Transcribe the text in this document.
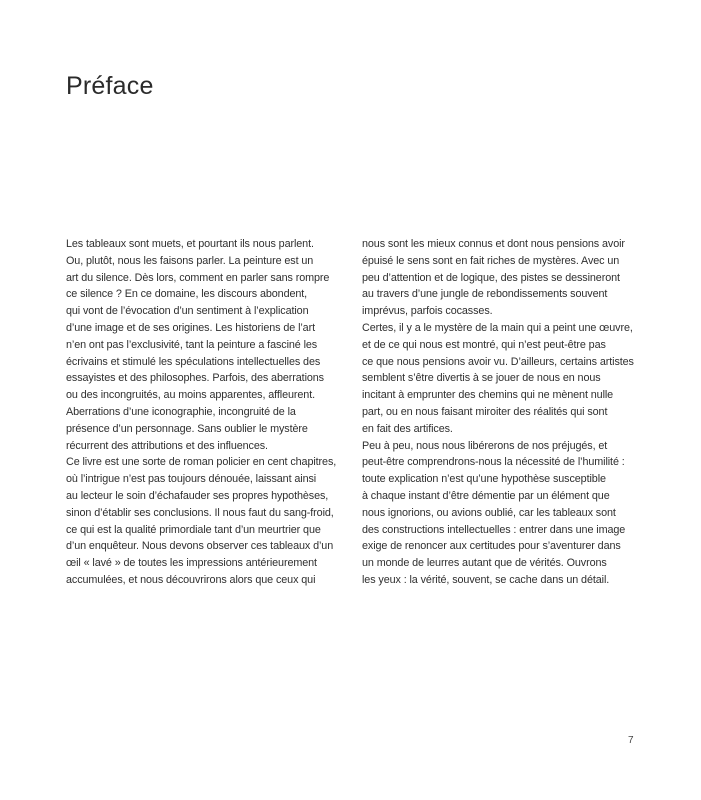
Préface
Les tableaux sont muets, et pourtant ils nous parlent.
Ou, plutôt, nous les faisons parler. La peinture est un
art du silence. Dès lors, comment en parler sans rompre
ce silence ? En ce domaine, les discours abondent,
qui vont de l’évocation d’un sentiment à l’explication
d’une image et de ses origines. Les historiens de l’art
n’en ont pas l’exclusivité, tant la peinture a fasciné les
écrivains et stimulé les spéculations intellectuelles des
essayistes et des philosophes. Parfois, des aberrations
ou des incongruités, au moins apparentes, affleurent.
Aberrations d’une iconographie, incongruité de la
présence d’un personnage. Sans oublier le mystère
récurrent des attributions et des influences.
Ce livre est une sorte de roman policier en cent chapitres,
où l’intrigue n’est pas toujours dénouée, laissant ainsi
au lecteur le soin d’échafauder ses propres hypothèses,
sinon d’établir ses conclusions. Il nous faut du sang-froid,
ce qui est la qualité primordiale tant d’un meurtrier que
d’un enquêteur. Nous devons observer ces tableaux d’un
œil « lavé » de toutes les impressions antérieurement
accumulées, et nous découvrirons alors que ceux qui
nous sont les mieux connus et dont nous pensions avoir
épuisé le sens sont en fait riches de mystères. Avec un
peu d’attention et de logique, des pistes se dessineront
au travers d’une jungle de rebondissements souvent
imprévus, parfois cocasses.
Certes, il y a le mystère de la main qui a peint une œuvre,
et de ce qui nous est montré, qui n’est peut-être pas
ce que nous pensions avoir vu. D’ailleurs, certains artistes
semblent s’être divertis à se jouer de nous en nous
incitant à emprunter des chemins qui ne mènent nulle
part, ou en nous faisant miroiter des réalités qui sont
en fait des artifices.
Peu à peu, nous nous libérerons de nos préjugés, et
peut-être comprendrons-nous la nécessité de l’humilité :
toute explication n’est qu’une hypothèse susceptible
à chaque instant d’être démentie par un élément que
nous ignorions, ou avions oublié, car les tableaux sont
des constructions intellectuelles : entrer dans une image
exige de renoncer aux certitudes pour s’aventurer dans
un monde de leurres autant que de vérités. Ouvrons
les yeux : la vérité, souvent, se cache dans un détail.
7
